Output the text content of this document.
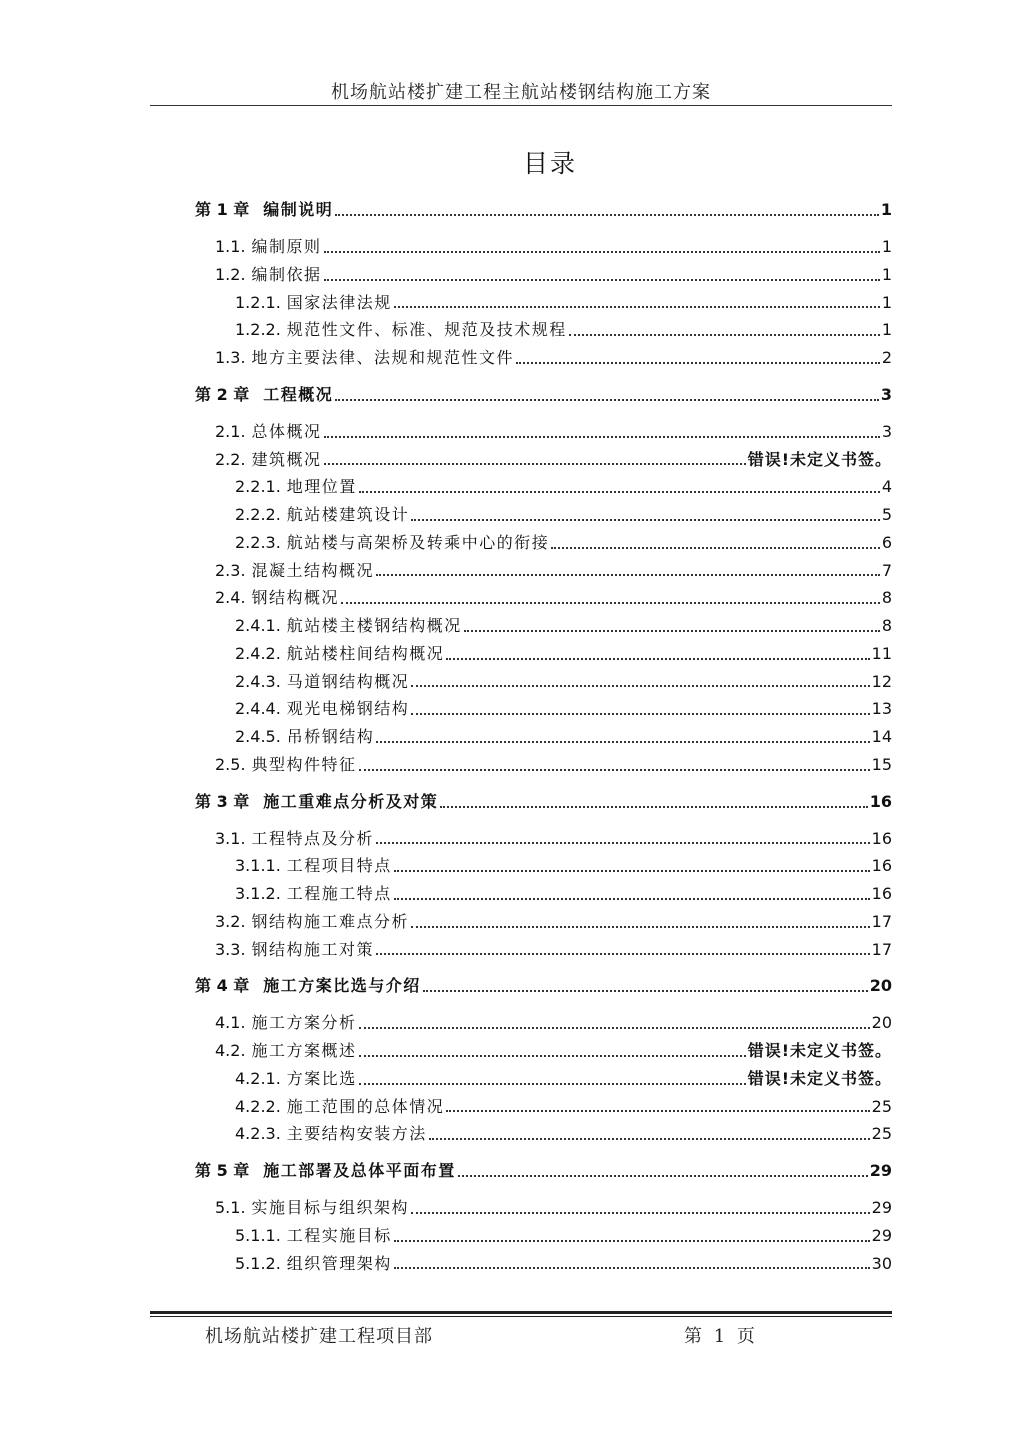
机场航站楼扩建工程主航站楼钢结构施工方案
目录
第 1 章 编制说明	1
1.1. 编制原则	1
1.2. 编制依据	1
1.2.1. 国家法律法规	1
1.2.2. 规范性文件、标准、规范及技术规程	1
1.3. 地方主要法律、法规和规范性文件	2
第 2 章 工程概况	3
2.1. 总体概况	3
2.2. 建筑概况	错误!未定义书签。
2.2.1. 地理位置	4
2.2.2. 航站楼建筑设计	5
2.2.3. 航站楼与高架桥及转乘中心的衔接	6
2.3. 混凝土结构概况	7
2.4. 钢结构概况	8
2.4.1. 航站楼主楼钢结构概况	8
2.4.2. 航站楼柱间结构概况	11
2.4.3. 马道钢结构概况	12
2.4.4. 观光电梯钢结构	13
2.4.5. 吊桥钢结构	14
2.5. 典型构件特征	15
第 3 章 施工重难点分析及对策	16
3.1. 工程特点及分析	16
3.1.1. 工程项目特点	16
3.1.2. 工程施工特点	16
3.2. 钢结构施工难点分析	17
3.3. 钢结构施工对策	17
第 4 章 施工方案比选与介绍	20
4.1. 施工方案分析	20
4.2. 施工方案概述	错误!未定义书签。
4.2.1. 方案比选	错误!未定义书签。
4.2.2. 施工范围的总体情况	25
4.2.3. 主要结构安装方法	25
第 5 章 施工部署及总体平面布置	29
5.1. 实施目标与组织架构	29
5.1.1. 工程实施目标	29
5.1.2. 组织管理架构	30
机场航站楼扩建工程项目部	第 1 页
